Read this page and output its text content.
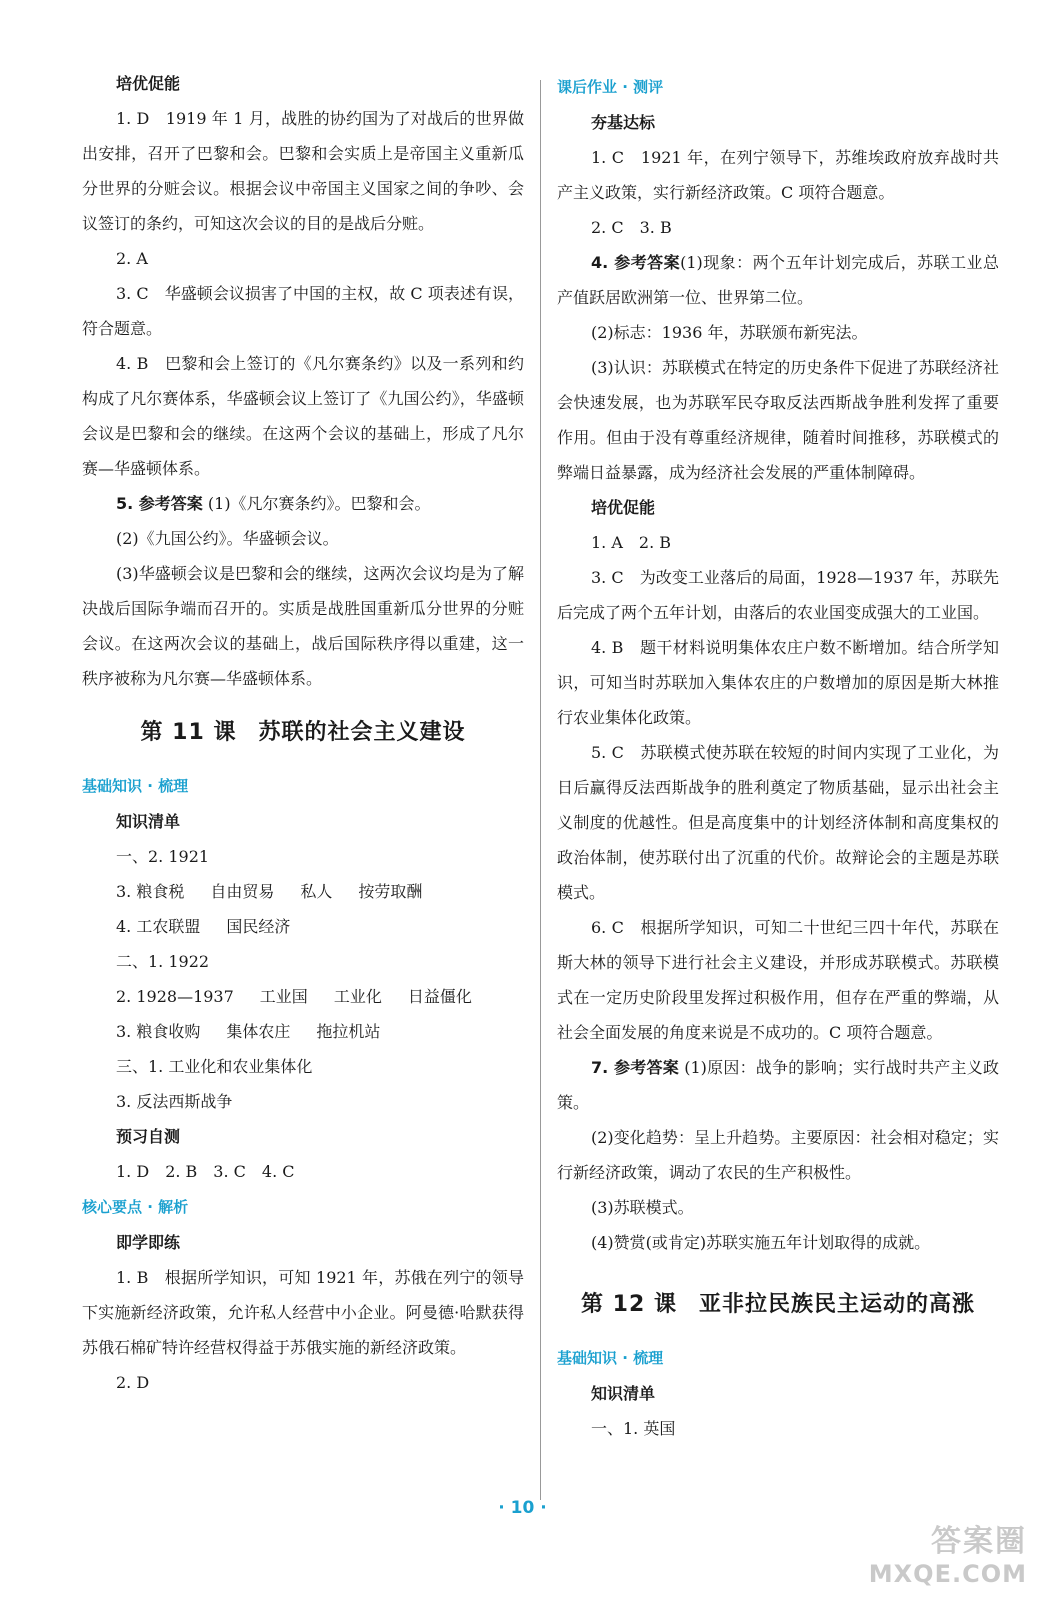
培优促能

1. D　1919 年 1 月，战胜的协约国为了对战后的世界做出安排，召开了巴黎和会。巴黎和会实质上是帝国主义重新瓜分世界的分赃会议。根据会议中帝国主义国家之间的争吵、会议签订的条约，可知这次会议的目的是战后分赃。

2. A

3. C　华盛顿会议损害了中国的主权，故 C 项表述有误，符合题意。

4. B　巴黎和会上签订的《凡尔赛条约》以及一系列和约构成了凡尔赛体系，华盛顿会议上签订了《九国公约》，华盛顿会议是巴黎和会的继续。在这两个会议的基础上，形成了凡尔赛—华盛顿体系。

5. 参考答案 (1)《凡尔赛条约》。巴黎和会。

(2)《九国公约》。华盛顿会议。

(3)华盛顿会议是巴黎和会的继续，这两次会议均是为了解决战后国际争端而召开的。实质是战胜国重新瓜分世界的分赃会议。在这两次会议的基础上，战后国际秩序得以重建，这一秩序被称为凡尔赛—华盛顿体系。

第 11 课 苏联的社会主义建设

基础知识 · 梳理

知识清单

一、2. 1921

3. 粮食税 自由贸易 私人 按劳取酬

4. 工农联盟 国民经济

二、1. 1922

2. 1928—1937 工业国 工业化 日益僵化

3. 粮食收购 集体农庄 拖拉机站

三、1. 工业化和农业集体化

3. 反法西斯战争

预习自测

1. D 2. B 3. C 4. C

核心要点 · 解析

即学即练

1. B　根据所学知识，可知 1921 年，苏俄在列宁的领导下实施新经济政策，允许私人经营中小企业。阿曼德·哈默获得苏俄石棉矿特许经营权得益于苏俄实施的新经济政策。

2. D

课后作业 · 测评

夯基达标

1. C　1921 年，在列宁领导下，苏维埃政府放弃战时共产主义政策，实行新经济政策。C 项符合题意。

2. C　3. B

4. 参考答案(1)现象：两个五年计划完成后，苏联工业总产值跃居欧洲第一位、世界第二位。

(2)标志：1936 年，苏联颁布新宪法。

(3)认识：苏联模式在特定的历史条件下促进了苏联经济社会快速发展，也为苏联军民夺取反法西斯战争胜利发挥了重要作用。但由于没有尊重经济规律，随着时间推移，苏联模式的弊端日益暴露，成为经济社会发展的严重体制障碍。

培优促能

1. A　2. B

3. C　为改变工业落后的局面，1928—1937 年，苏联先后完成了两个五年计划，由落后的农业国变成强大的工业国。

4. B　题干材料说明集体农庄户数不断增加。结合所学知识，可知当时苏联加入集体农庄的户数增加的原因是斯大林推行农业集体化政策。

5. C　苏联模式使苏联在较短的时间内实现了工业化，为日后赢得反法西斯战争的胜利奠定了物质基础，显示出社会主义制度的优越性。但是高度集中的计划经济体制和高度集权的政治体制，使苏联付出了沉重的代价。故辩论会的主题是苏联模式。

6. C　根据所学知识，可知二十世纪三四十年代，苏联在斯大林的领导下进行社会主义建设，并形成苏联模式。苏联模式在一定历史阶段里发挥过积极作用，但存在严重的弊端，从社会全面发展的角度来说是不成功的。C 项符合题意。

7. 参考答案 (1)原因：战争的影响；实行战时共产主义政策。

(2)变化趋势：呈上升趋势。主要原因：社会相对稳定；实行新经济政策，调动了农民的生产积极性。

(3)苏联模式。

(4)赞赏(或肯定)苏联实施五年计划取得的成就。

第 12 课 亚非拉民族民主运动的高涨

基础知识 · 梳理

知识清单

一、1. 英国

· 10 ·
答案圈
MXQE.COM
